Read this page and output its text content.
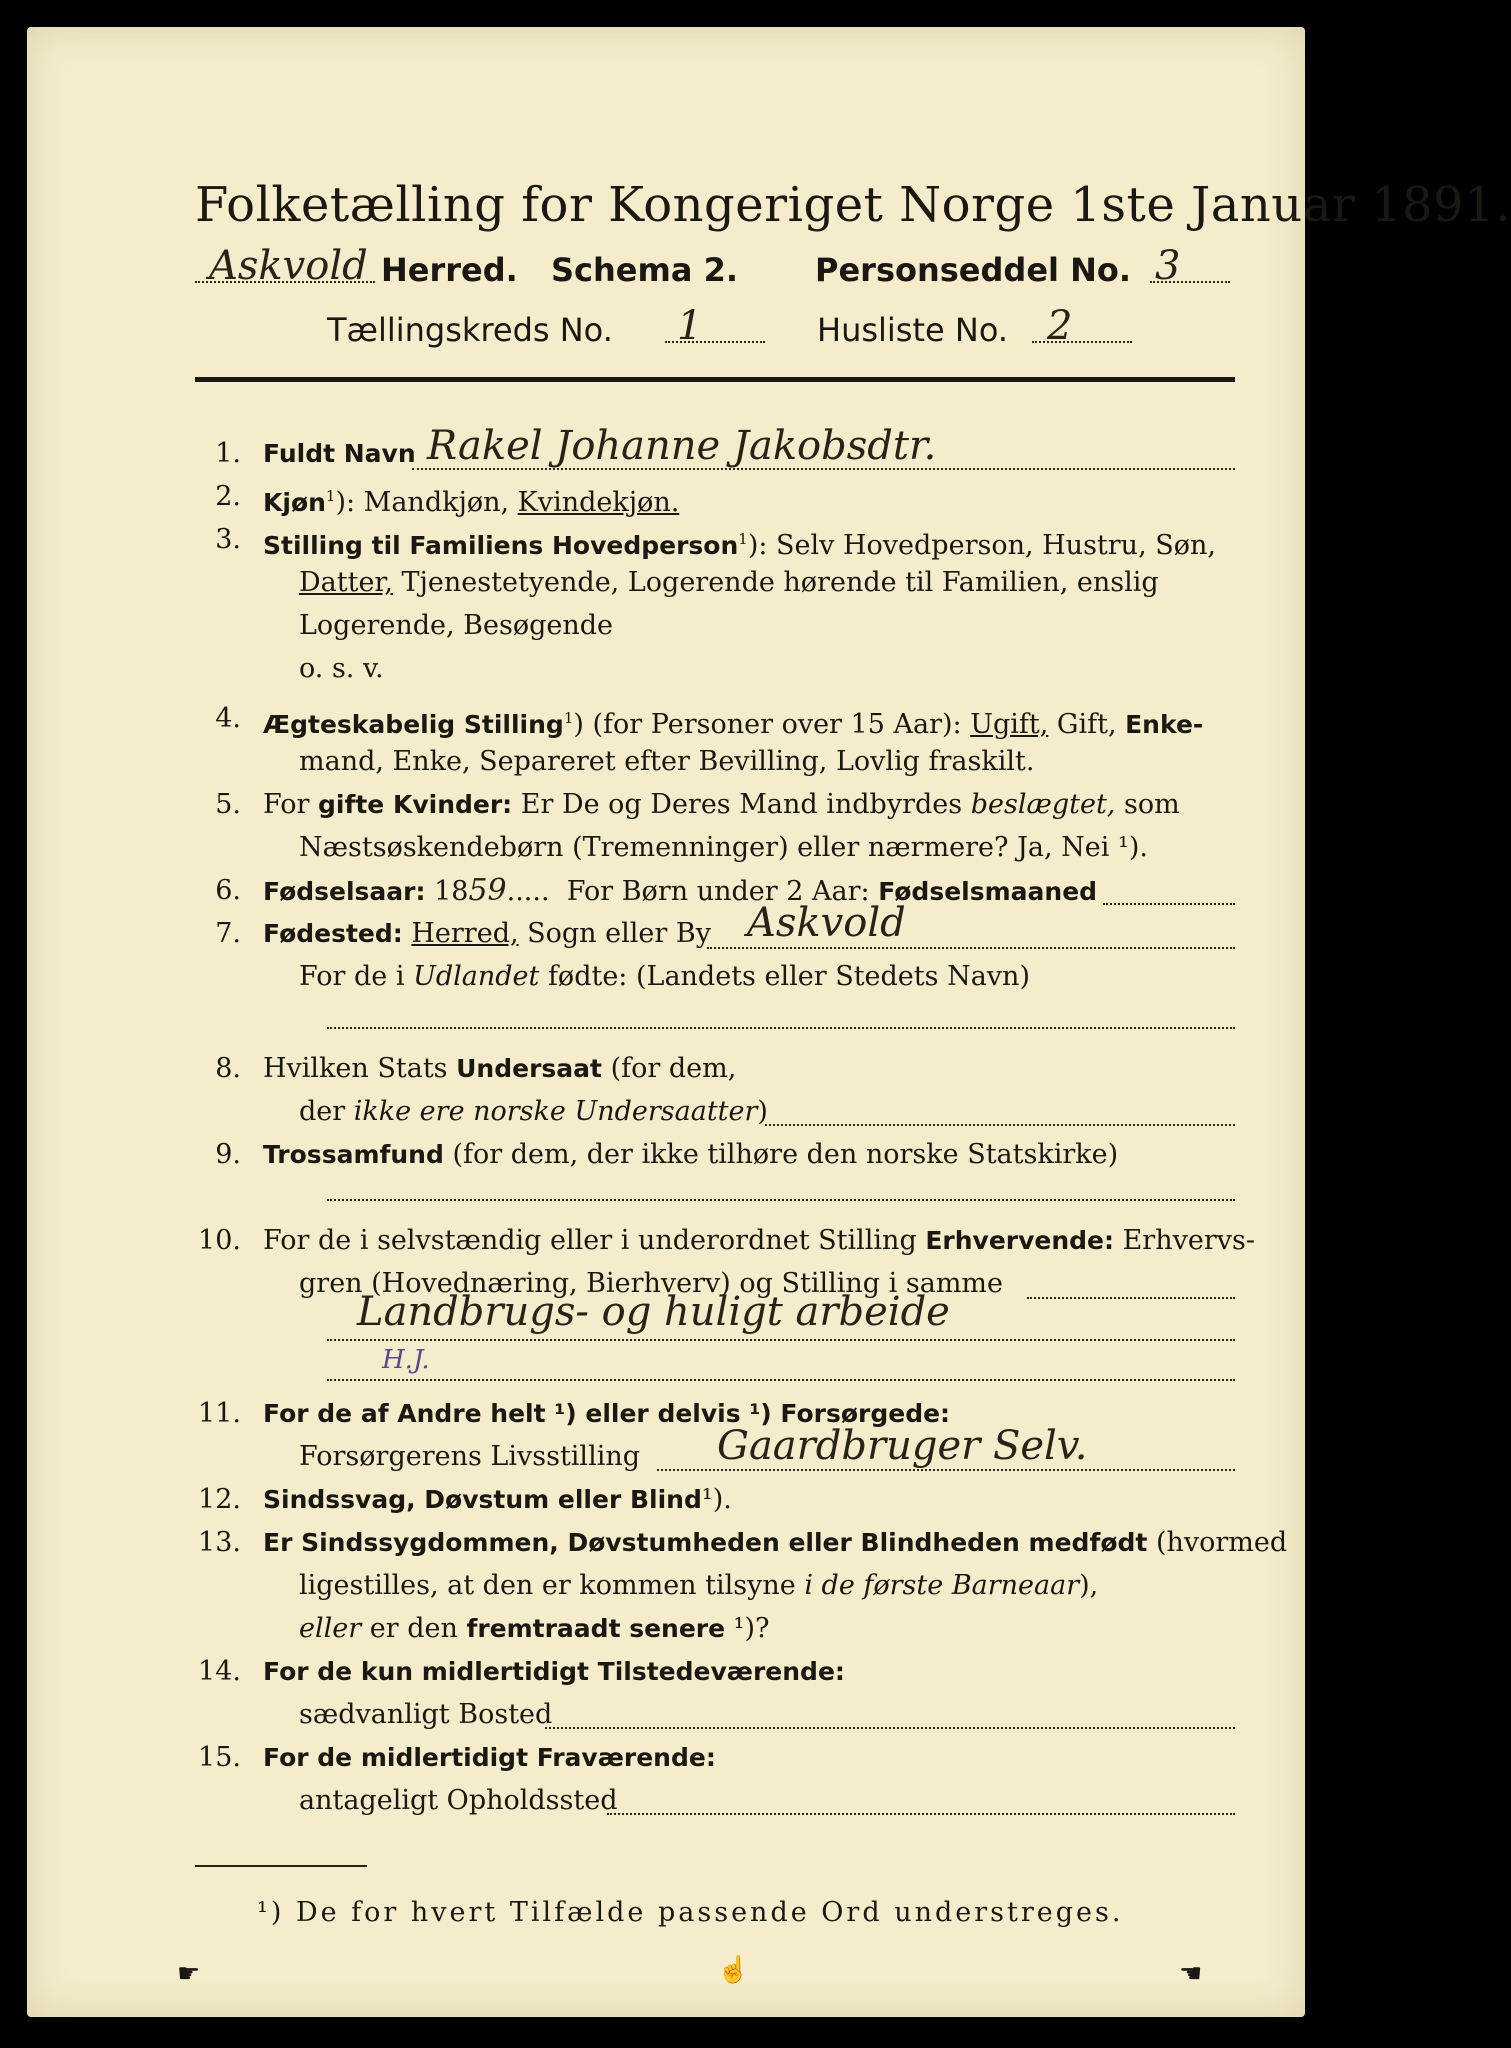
Folketælling for Kongeriget Norge 1ste Januar 1891.
Askvold Herred. Schema 2. Personseddel No. 3
Tællingskreds No. 1	Husliste No. 2
1. Fuldt Navn Rakel Johanne Jakobsdtr.
2. Kjøn$^1$): Mandkjøn, Kvindekjøn.
3. Stilling til Familiens Hovedperson$^1$): Selv Hovedperson, Hustru, Søn,
Datter, Tjenestetyende, Logerende hørende til Familien, enslig
Logerende, Besøgende
o. s. v.
4. Ægteskabelig Stilling$^1$) (for Personer over 15 Aar): Ugift, Gift, Enke-
mand, Enke, Separeret efter Bevilling, Lovlig fraskilt.
5. For gifte Kvinder: Er De og Deres Mand indbyrdes beslægtet, som
Næstsøskendebørn (Tremenninger) eller nærmere? Ja, Nei ¹).
6. Fødselsaar: 1859.....  For Børn under 2 Aar: Fødselsmaaned
7. Fødested: Herred, Sogn eller By Askvold
For de i Udlandet fødte: (Landets eller Stedets Navn)
8. Hvilken Stats Undersaat (for dem,
der ikke ere norske Undersaatter)
9. Trossamfund (for dem, der ikke tilhøre den norske Statskirke)
10. For de i selvstændig eller i underordnet Stilling Erhvervende: Erhvervs-
gren (Hovednæring, Bierhverv) og Stilling i samme
Landbrugs- og huligt arbeide
H.J.
11. For de af Andre helt ¹) eller delvis ¹) Forsørgede:
Forsørgerens Livsstilling Gaardbruger Selv.
12. Sindssvag, Døvstum eller Blind¹).
13. Er Sindssygdommen, Døvstumheden eller Blindheden medfødt (hvormed
ligestilles, at den er kommen tilsyne i de første Barneaar),
eller er den fremtraadt senere ¹)?
14. For de kun midlertidigt Tilstedeværende:
sædvanligt Bosted
15. For de midlertidigt Fraværende:
antageligt Opholdssted
¹) De for hvert Tilfælde passende Ord understreges.
☛	☝	☚
